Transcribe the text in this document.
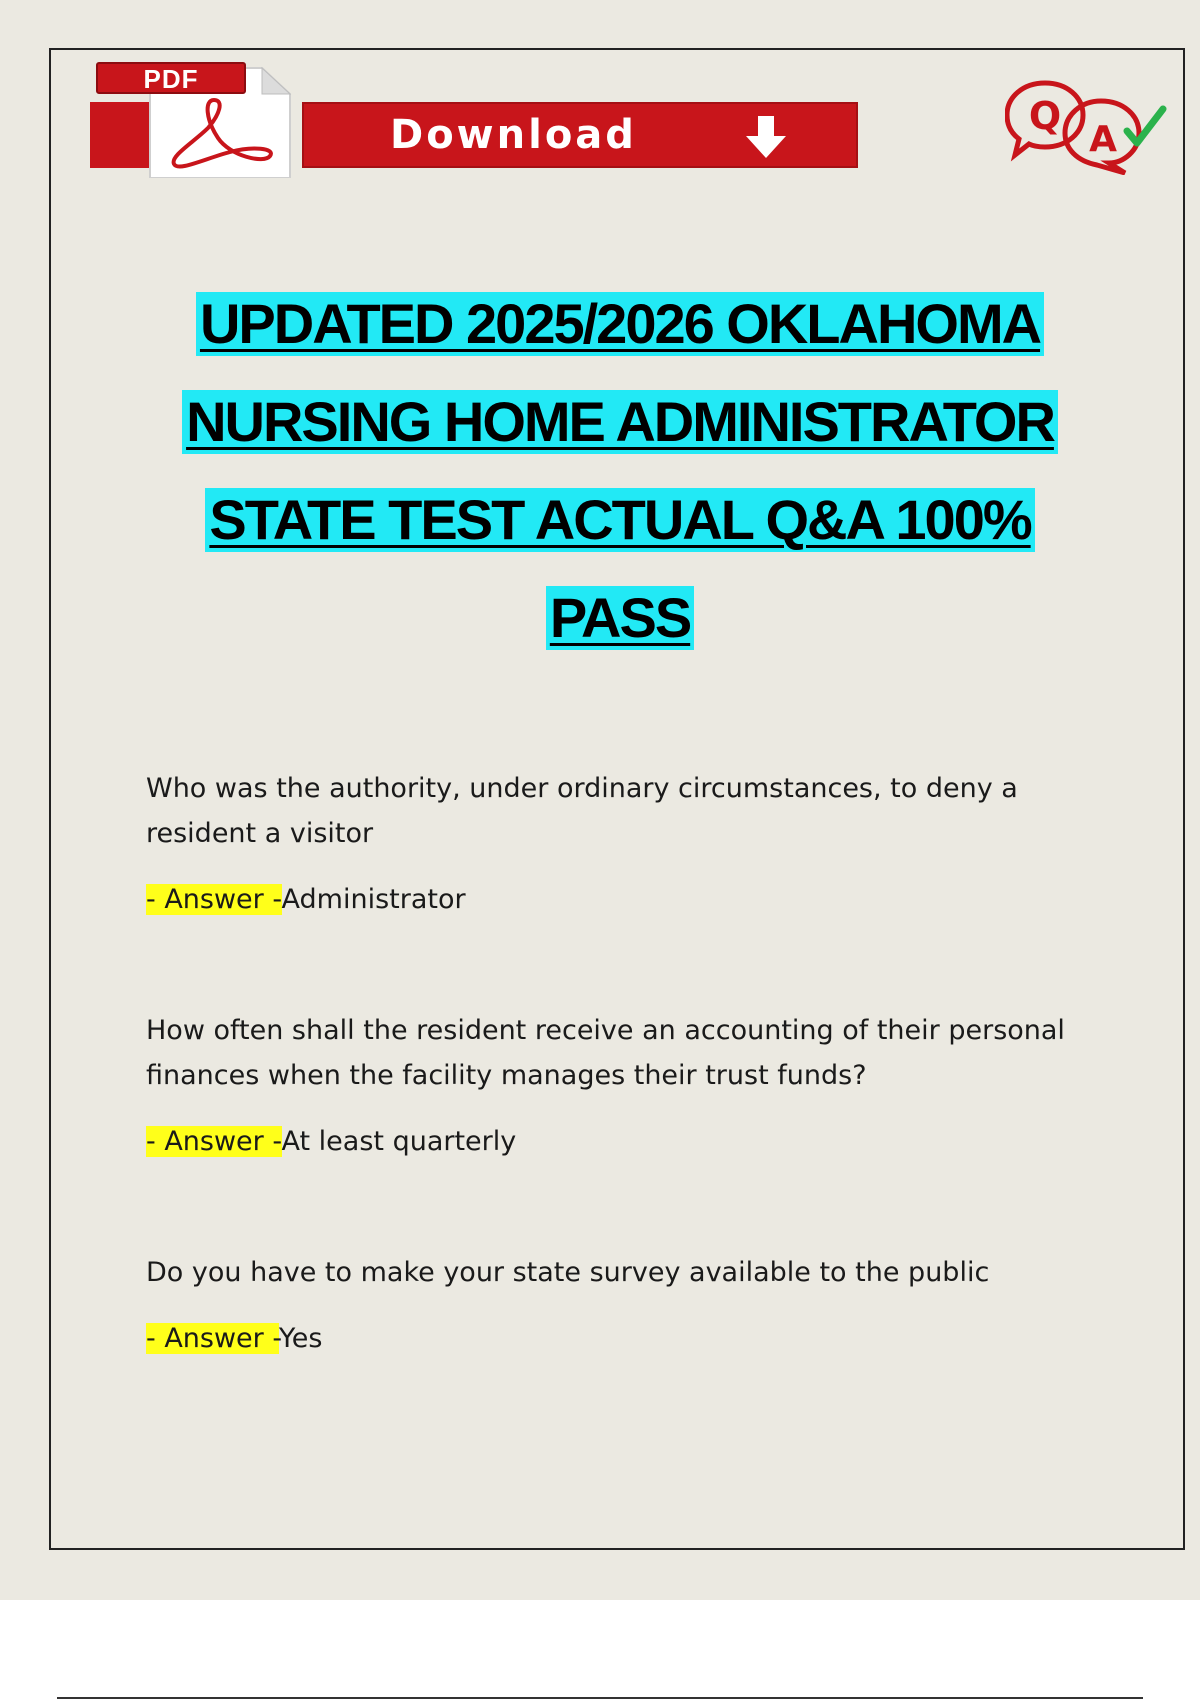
PDF
Download	Q
A
UPDATED 2025/2026 OKLAHOMA
NURSING HOME ADMINISTRATOR
STATE TEST ACTUAL Q&A 100%
PASS

Who was the authority, under ordinary circumstances, to deny a resident a visitor

- Answer -Administrator

How often shall the resident receive an accounting of their personal finances when the facility manages their trust funds?

- Answer -At least quarterly

Do you have to make your state survey available to the public

- Answer -Yes
